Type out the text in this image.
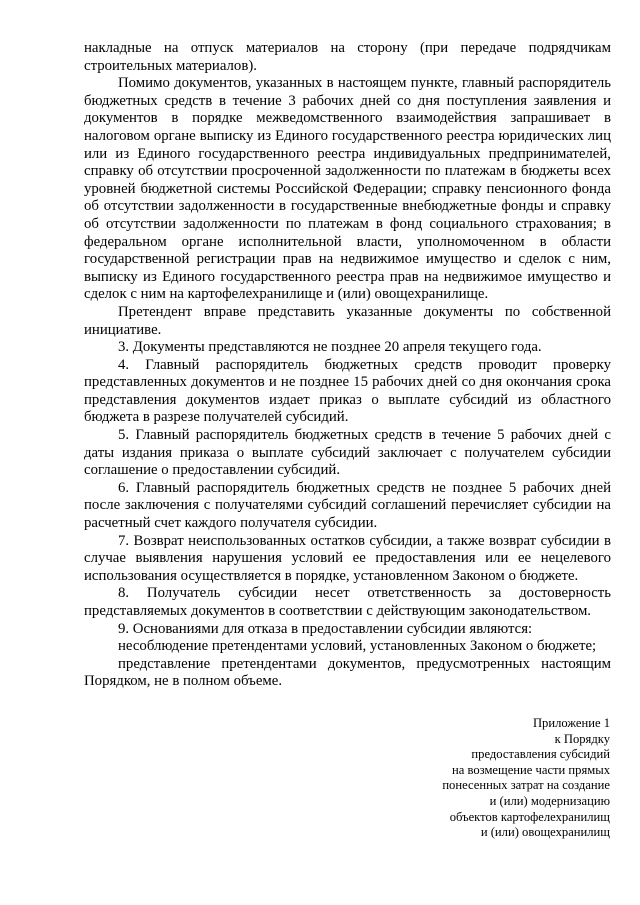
накладные на отпуск материалов на сторону (при передаче подрядчикам строительных материалов).

Помимо документов, указанных в настоящем пункте, главный распорядитель бюджетных средств в течение 3 рабочих дней со дня поступления заявления и документов в порядке межведомственного взаимодействия запрашивает в налоговом органе выписку из Единого государственного реестра юридических лиц или из Единого государственного реестра индивидуальных предпринимателей, справку об отсутствии просроченной задолженности по платежам в бюджеты всех уровней бюджетной системы Российской Федерации; справку пенсионного фонда об отсутствии задолженности в государственные внебюджетные фонды и справку об отсутствии задолженности по платежам в фонд социального страхования; в федеральном органе исполнительной власти, уполномоченном в области государственной регистрации прав на недвижимое имущество и сделок с ним, выписку из Единого государственного реестра прав на недвижимое имущество и сделок с ним на картофелехранилище и (или) овощехранилище.

Претендент вправе представить указанные документы по собственной инициативе.

3. Документы представляются не позднее 20 апреля текущего года.

4. Главный распорядитель бюджетных средств проводит проверку представленных документов и не позднее 15 рабочих дней со дня окончания срока представления документов издает приказ о выплате субсидий из областного бюджета в разрезе получателей субсидий.

5. Главный распорядитель бюджетных средств в течение 5 рабочих дней с даты издания приказа о выплате субсидий заключает с получателем субсидии соглашение о предоставлении субсидий.

6. Главный распорядитель бюджетных средств не позднее 5 рабочих дней после заключения с получателями субсидий соглашений перечисляет субсидии на расчетный счет каждого получателя субсидии.

7. Возврат неиспользованных остатков субсидии, а также возврат субсидии в случае выявления нарушения условий ее предоставления или ее нецелевого использования осуществляется в порядке, установленном Законом о бюджете.

8. Получатель субсидии несет ответственность за достоверность представляемых документов в соответствии с действующим законодательством.

9. Основаниями для отказа в предоставлении субсидии являются:

несоблюдение претендентами условий, установленных Законом о бюджете;

представление претендентами документов, предусмотренных настоящим Порядком, не в полном объеме.

Приложение 1
к Порядку
предоставления субсидий
на возмещение части прямых
понесенных затрат на создание
и (или) модернизацию
объектов картофелехранилищ
и (или) овощехранилищ
